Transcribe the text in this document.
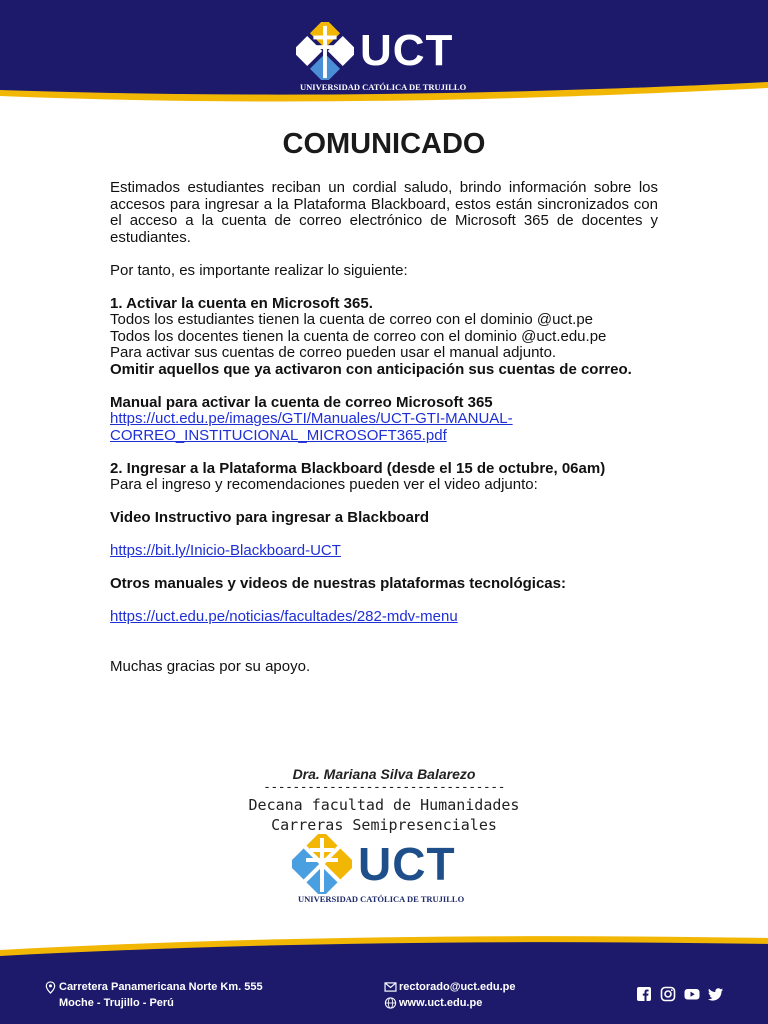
UCT
UNIVERSIDAD CATÓLICA DE TRUJILLO
COMUNICADO

Estimados estudiantes reciban un cordial saludo, brindo información sobre los accesos para ingresar a la Plataforma Blackboard, estos están sincronizados con el acceso a la cuenta de correo electrónico de Microsoft 365 de docentes y estudiantes.

Por tanto, es importante realizar lo siguiente:

1. Activar la cuenta en Microsoft 365.

Todos los estudiantes tienen la cuenta de correo con el dominio @uct.pe

Todos los docentes tienen la cuenta de correo con el dominio @uct.edu.pe

Para activar sus cuentas de correo pueden usar el manual adjunto.

Omitir aquellos que ya activaron con anticipación sus cuentas de correo.

Manual para activar la cuenta de correo Microsoft 365

https://uct.edu.pe/images/GTI/Manuales/UCT-GTI-MANUAL-
CORREO_INSTITUCIONAL_MICROSOFT365.pdf

2. Ingresar a la Plataforma Blackboard (desde el 15 de octubre, 06am)

Para el ingreso y recomendaciones pueden ver el video adjunto:

Video Instructivo para ingresar a Blackboard

https://bit.ly/Inicio-Blackboard-UCT

Otros manuales y videos de nuestras plataformas tecnológicas:

https://uct.edu.pe/noticias/facultades/282-mdv-menu

Muchas gracias por su apoyo.

Dra. Mariana Silva Balarezo
---------------------------------
Decana facultad de Humanidades
Carreras Semipresenciales
UCT
UNIVERSIDAD CATÓLICA DE TRUJILLO
Carretera Panamericana Norte Km. 555
Moche - Trujillo - Perú
rectorado@uct.edu.pe
www.uct.edu.pe
